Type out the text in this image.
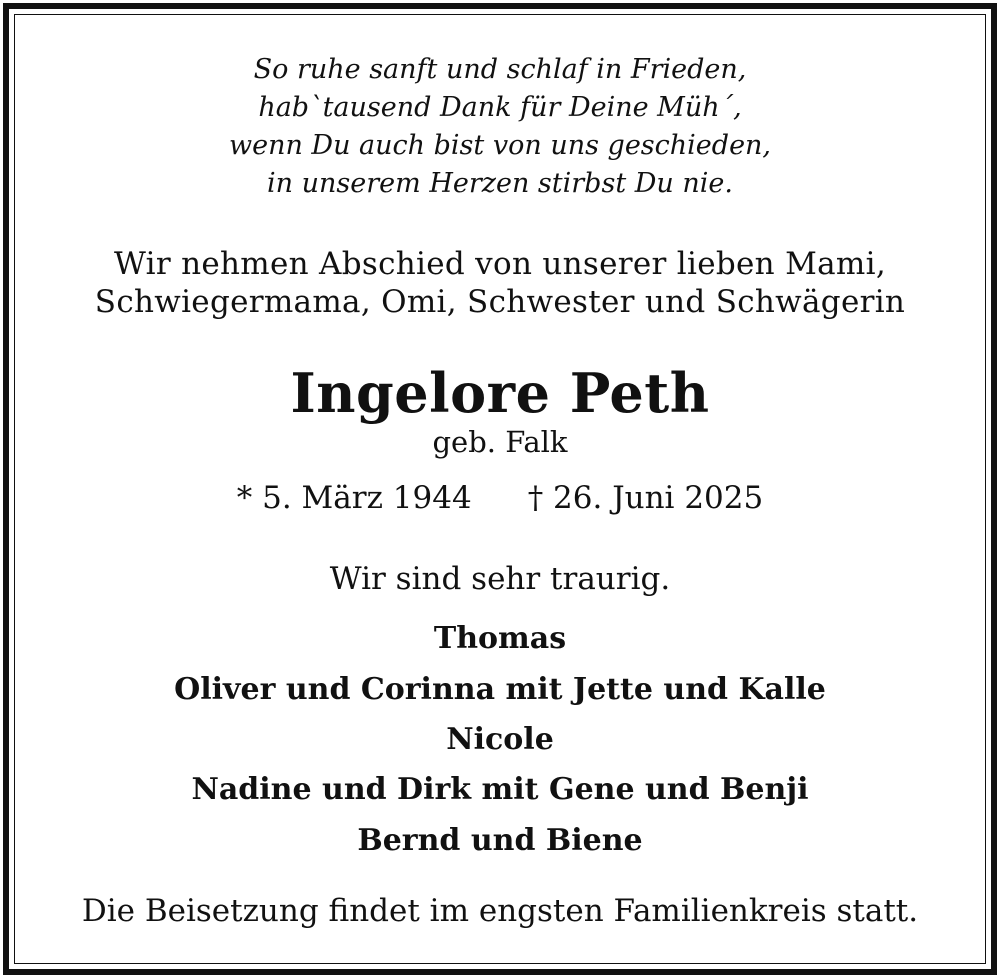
So ruhe sanft und schlaf in Frieden,
hab`tausend Dank für Deine Müh´,
wenn Du auch bist von uns geschieden,
in unserem Herzen stirbst Du nie.
Wir nehmen Abschied von unserer lieben Mami,
Schwiegermama, Omi, Schwester und Schwägerin
Ingelore Peth
geb. Falk
* 5. März 1944 † 26. Juni 2025
Wir sind sehr traurig.
Thomas
Oliver und Corinna mit Jette und Kalle
Nicole
Nadine und Dirk mit Gene und Benji
Bernd und Biene
Die Beisetzung findet im engsten Familienkreis statt.
